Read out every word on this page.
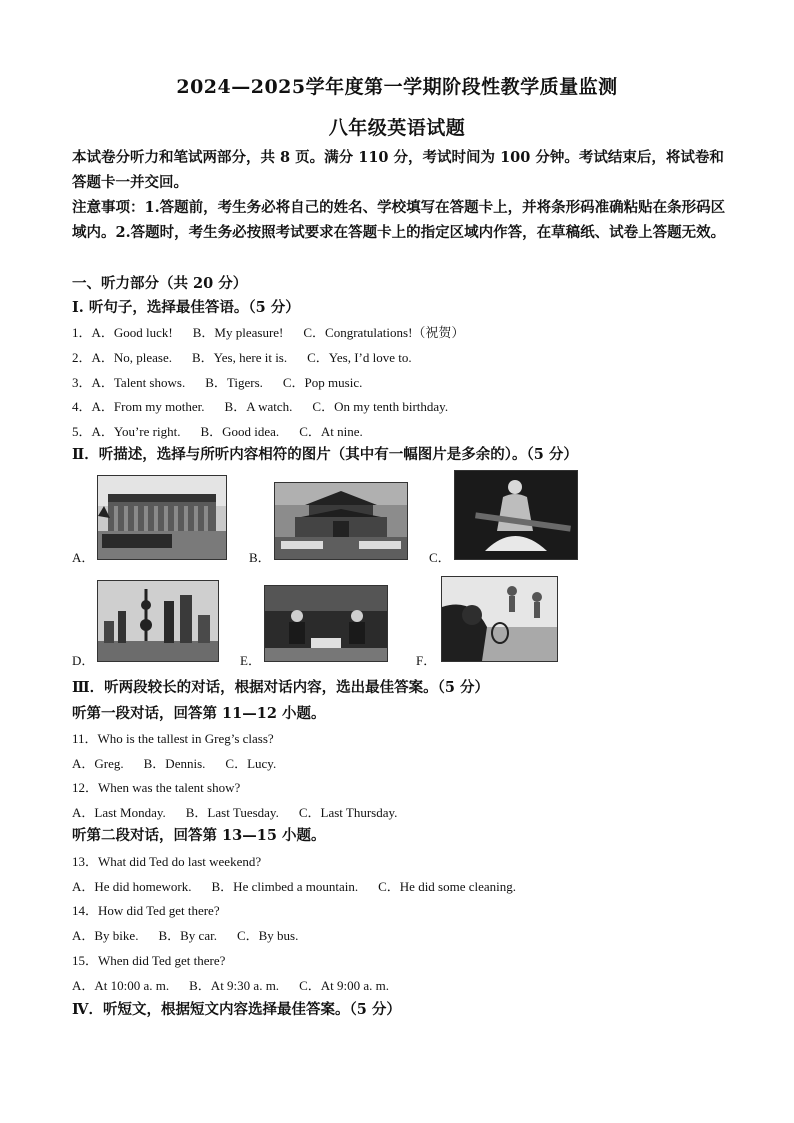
2024—2025学年度第一学期阶段性教学质量监测
八年级英语试题
本试卷分听力和笔试两部分，共 8 页。满分 110 分，考试时间为 100 分钟。考试结束后，将试卷和答题卡一并交回。
注意事项：1.答题前，考生务必将自己的姓名、学校填写在答题卡上，并将条形码准确粘贴在条形码区域内。2.答题时，考生务必按照考试要求在答题卡上的指定区域内作答，在草稿纸、试卷上答题无效。
一、听力部分（共 20 分）
Ⅰ. 听句子，选择最佳答语。（5 分）
1．A．Good luck! B．My pleasure! C．Congratulations!（祝贺）
2．A．No, please. B．Yes, here it is. C．Yes, I’d love to.
3．A．Talent shows. B．Tigers. C．Pop music.
4．A．From my mother. B．A watch. C．On my tenth birthday.
5．A．You’re right. B．Good idea. C．At nine.
Ⅱ．听描述，选择与所听内容相符的图片（其中有一幅图片是多余的）。（5 分）
A．	B．	C．
D．	E．	F．
Ⅲ．听两段较长的对话，根据对话内容，选出最佳答案。（5 分）
听第一段对话，回答第 11—12 小题。
11．Who is the tallest in Greg’s class?
A．Greg. B．Dennis. C．Lucy.
12．When was the talent show?
A．Last Monday. B．Last Tuesday. C．Last Thursday.
听第二段对话，回答第 13—15 小题。
13．What did Ted do last weekend?
A．He did homework. B．He climbed a mountain. C．He did some cleaning.
14．How did Ted get there?
A．By bike. B．By car. C．By bus.
15．When did Ted get there?
A．At 10:00 a. m. B．At 9:30 a. m. C．At 9:00 a. m.
Ⅳ．听短文，根据短文内容选择最佳答案。（5 分）
